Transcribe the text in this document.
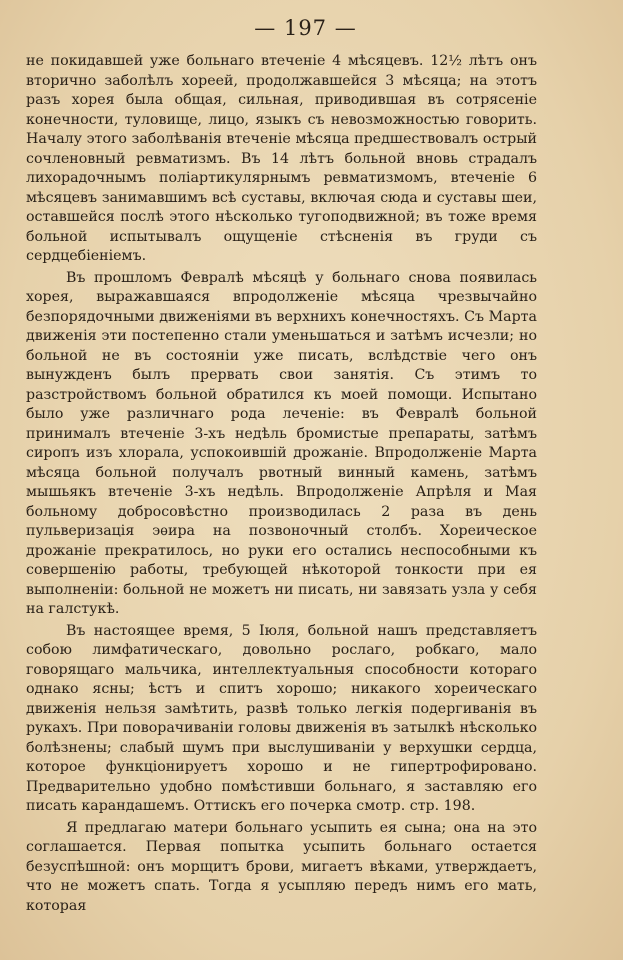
— 197 —

не покидавшей уже больнаго втеченіе 4 мѣсяцевъ. 12½ лѣтъ онъ вторично заболѣлъ хореей, продолжавшейся 3 мѣсяца; на этотъ разъ хорея была общая, сильная, приводившая въ сотрясеніе конечности, туловище, лицо, языкъ съ невозможностью говорить. Началу этого заболѣванія втеченіе мѣсяца предшествовалъ острый сочленовный ревматизмъ. Въ 14 лѣтъ больной вновь страдалъ лихорадочнымъ поліартикулярнымъ ревматизмомъ, втеченіе 6 мѣсяцевъ занимавшимъ всѣ суставы, включая сюда и суставы шеи, оставшейся послѣ этого нѣсколько тугоподвижной; въ тоже время больной испытывалъ ощущеніе стѣсненія въ груди съ сердцебіеніемъ.

Въ прошломъ Февралѣ мѣсяцѣ у больнаго снова появилась хорея, выражавшаяся впродолженіе мѣсяца чрезвычайно безпорядочными движеніями въ верхнихъ конечностяхъ. Съ Марта движенія эти постепенно стали уменьшаться и затѣмъ исчезли; но больной не въ состояніи уже писать, вслѣдствіе чего онъ вынужденъ былъ прервать свои занятія. Съ этимъ то разстройствомъ больной обратился къ моей помощи. Испытано было уже различнаго рода леченіе: въ Февралѣ больной принималъ втеченіе 3-хъ недѣль бромистые препараты, затѣмъ сиропъ изъ хлорала, успокоившій дрожаніе. Впродолженіе Марта мѣсяца больной получалъ рвотный винный камень, затѣмъ мышьякъ втеченіе 3-хъ недѣль. Впродолженіе Апрѣля и Мая больному добросовѣстно производилась 2 раза въ день пульверизація эѳира на позвоночный столбъ. Хореическое дрожаніе прекратилось, но руки его остались неспособными къ совершенію работы, требующей нѣкоторой тонкости при ея выполненіи: больной не можетъ ни писать, ни завязать узла у себя на галстукѣ.

Въ настоящее время, 5 Іюля, больной нашъ представляетъ собою лимфатическаго, довольно рослаго, робкаго, мало говорящаго мальчика, интеллектуальныя способности котораго однако ясны; ѣстъ и спитъ хорошо; никакого хореическаго движенія нельзя замѣтить, развѣ только легкія подергиванія въ рукахъ. При поворачиваніи головы движенія въ затылкѣ нѣсколько болѣзнены; слабый шумъ при выслушиваніи у верхушки сердца, которое функціонируетъ хорошо и не гипертрофировано. Предварительно удобно помѣстивши больнаго, я заставляю его писать карандашемъ. Оттискъ его почерка смотр. стр. 198.

Я предлагаю матери больнаго усыпить ея сына; она на это соглашается. Первая попытка усыпить больнаго остается безуспѣшной: онъ морщитъ брови, мигаетъ вѣками, утверждаетъ, что не можетъ спать. Тогда я усыпляю передъ нимъ его мать, которая
